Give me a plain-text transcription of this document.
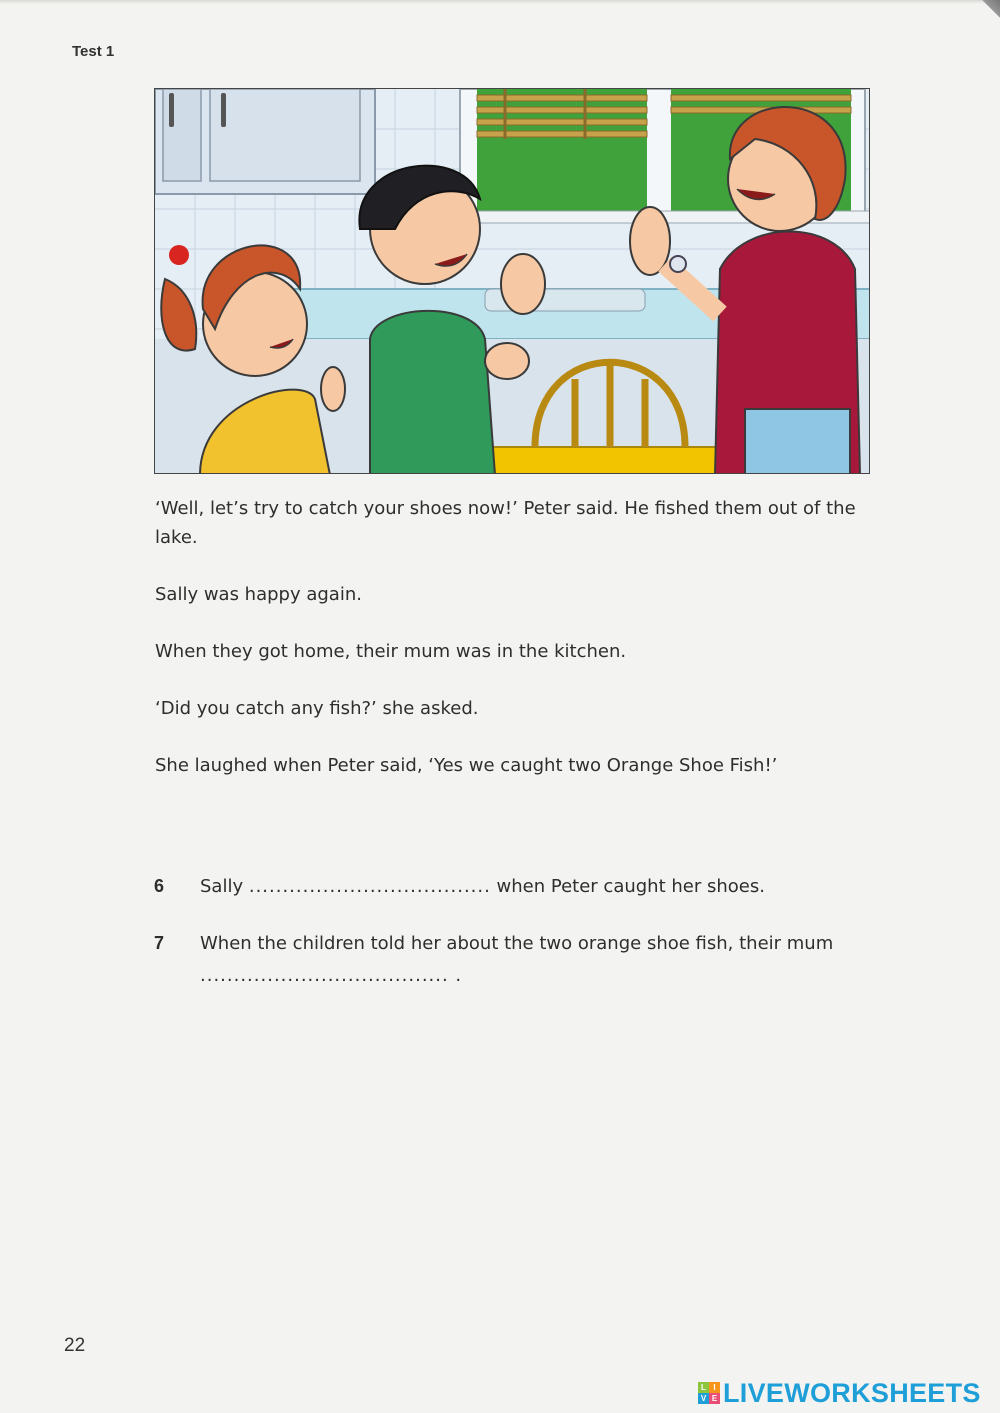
Test 1

‘Well, let’s try to catch your shoes now!’ Peter said. He fished them out of the lake.

Sally was happy again.

When they got home, their mum was in the kitchen.

‘Did you catch any fish?’ she asked.

She laughed when Peter said, ‘Yes we caught two Orange Shoe Fish!’

6 Sally .................................... when Peter caught her shoes.
7 When the children told her about the two orange shoe fish, their mum
..................................... .
22
L I
V E LIVEWORKSHEETS
